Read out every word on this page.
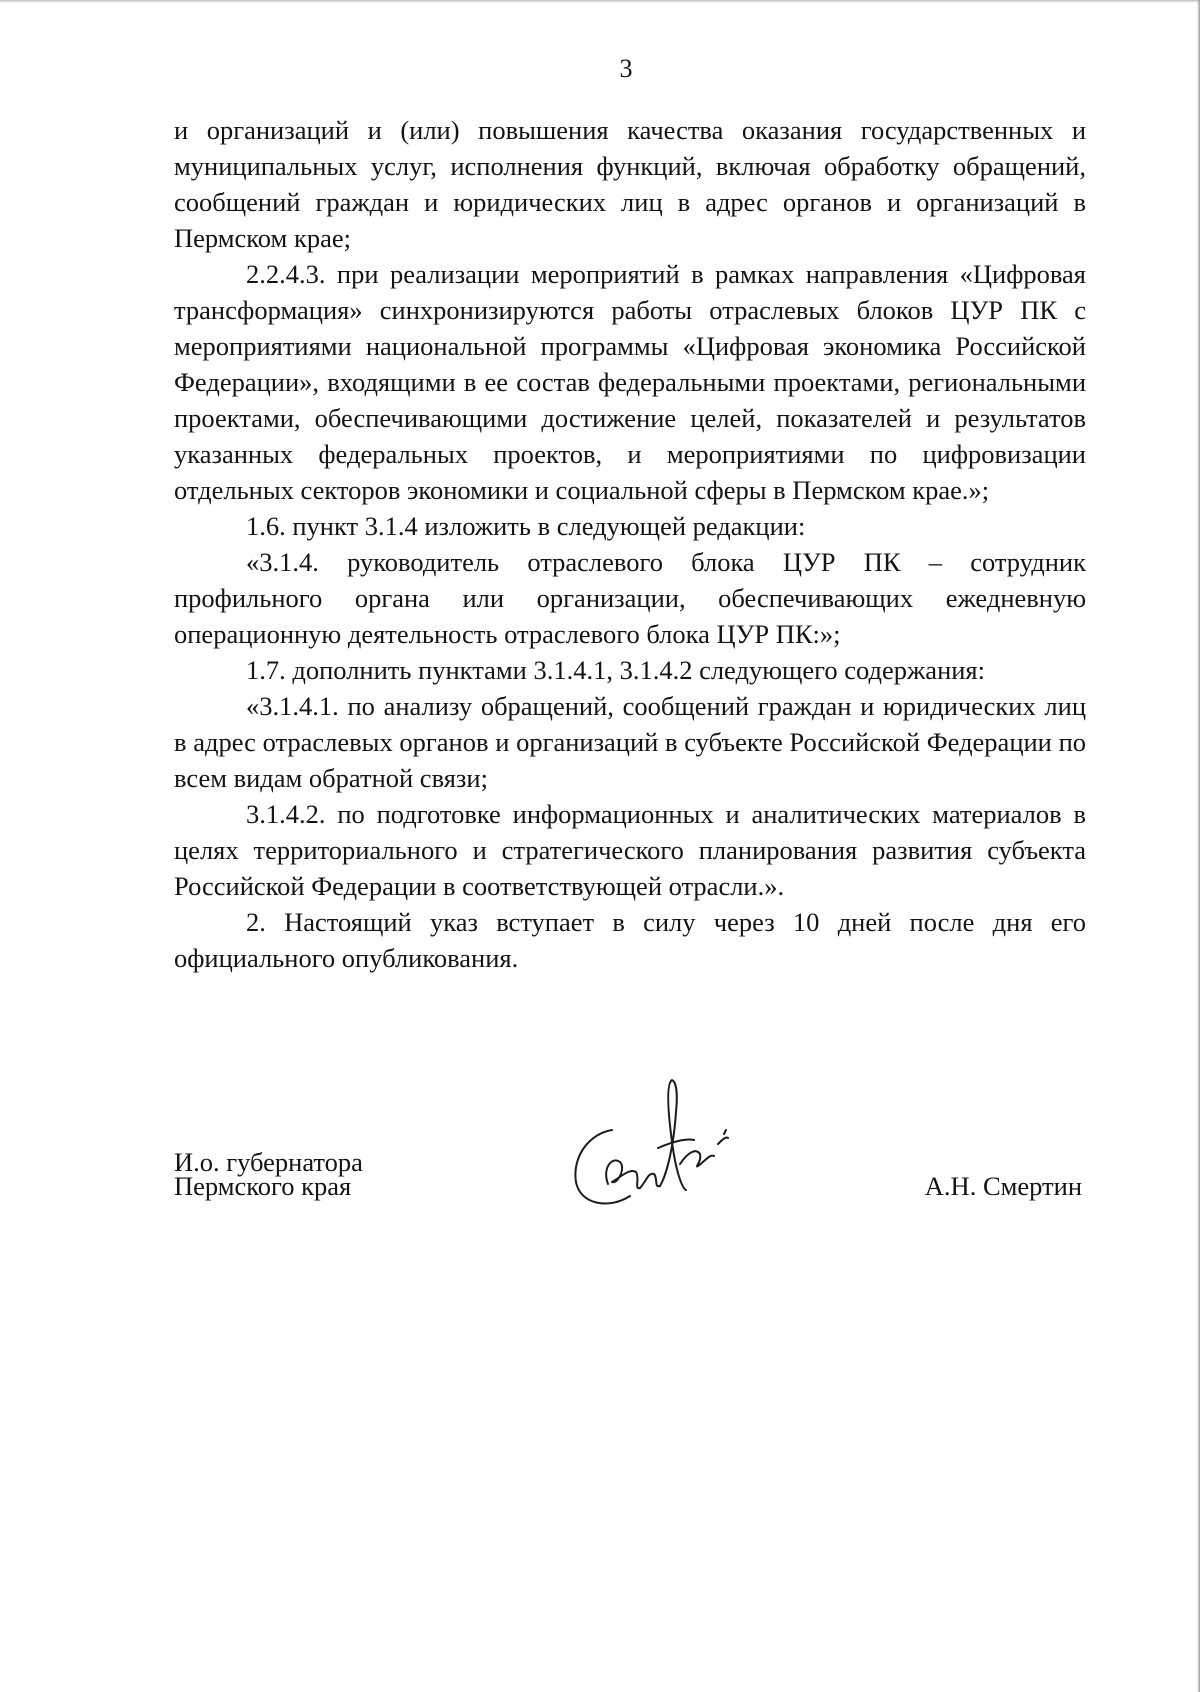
3

и организаций и (или) повышения качества оказания государственных и муниципальных услуг, исполнения функций, включая обработку обращений, сообщений граждан и юридических лиц в адрес органов и организаций в Пермском крае;

2.2.4.3. при реализации мероприятий в рамках направления «Цифровая трансформация» синхронизируются работы отраслевых блоков ЦУР ПК с мероприятиями национальной программы «Цифровая экономика Российской Федерации», входящими в ее состав федеральными проектами, региональными проектами, обеспечивающими достижение целей, показателей и результатов указанных федеральных проектов, и мероприятиями по цифровизации отдельных секторов экономики и социальной сферы в Пермском крае.»;

1.6. пункт 3.1.4 изложить в следующей редакции:

«3.1.4. руководитель отраслевого блока ЦУР ПК – сотрудник профильного органа или организации, обеспечивающих ежедневную операционную деятельность отраслевого блока ЦУР ПК:»;

1.7. дополнить пунктами 3.1.4.1, 3.1.4.2 следующего содержания:

«3.1.4.1. по анализу обращений, сообщений граждан и юридических лиц в адрес отраслевых органов и организаций в субъекте Российской Федерации по всем видам обратной связи;

3.1.4.2. по подготовке информационных и аналитических материалов в целях территориального и стратегического планирования развития субъекта Российской Федерации в соответствующей отрасли.».

2. Настоящий указ вступает в силу через 10 дней после дня его официального опубликования.

И.о. губернатора
Пермского края	А.Н. Смертин
